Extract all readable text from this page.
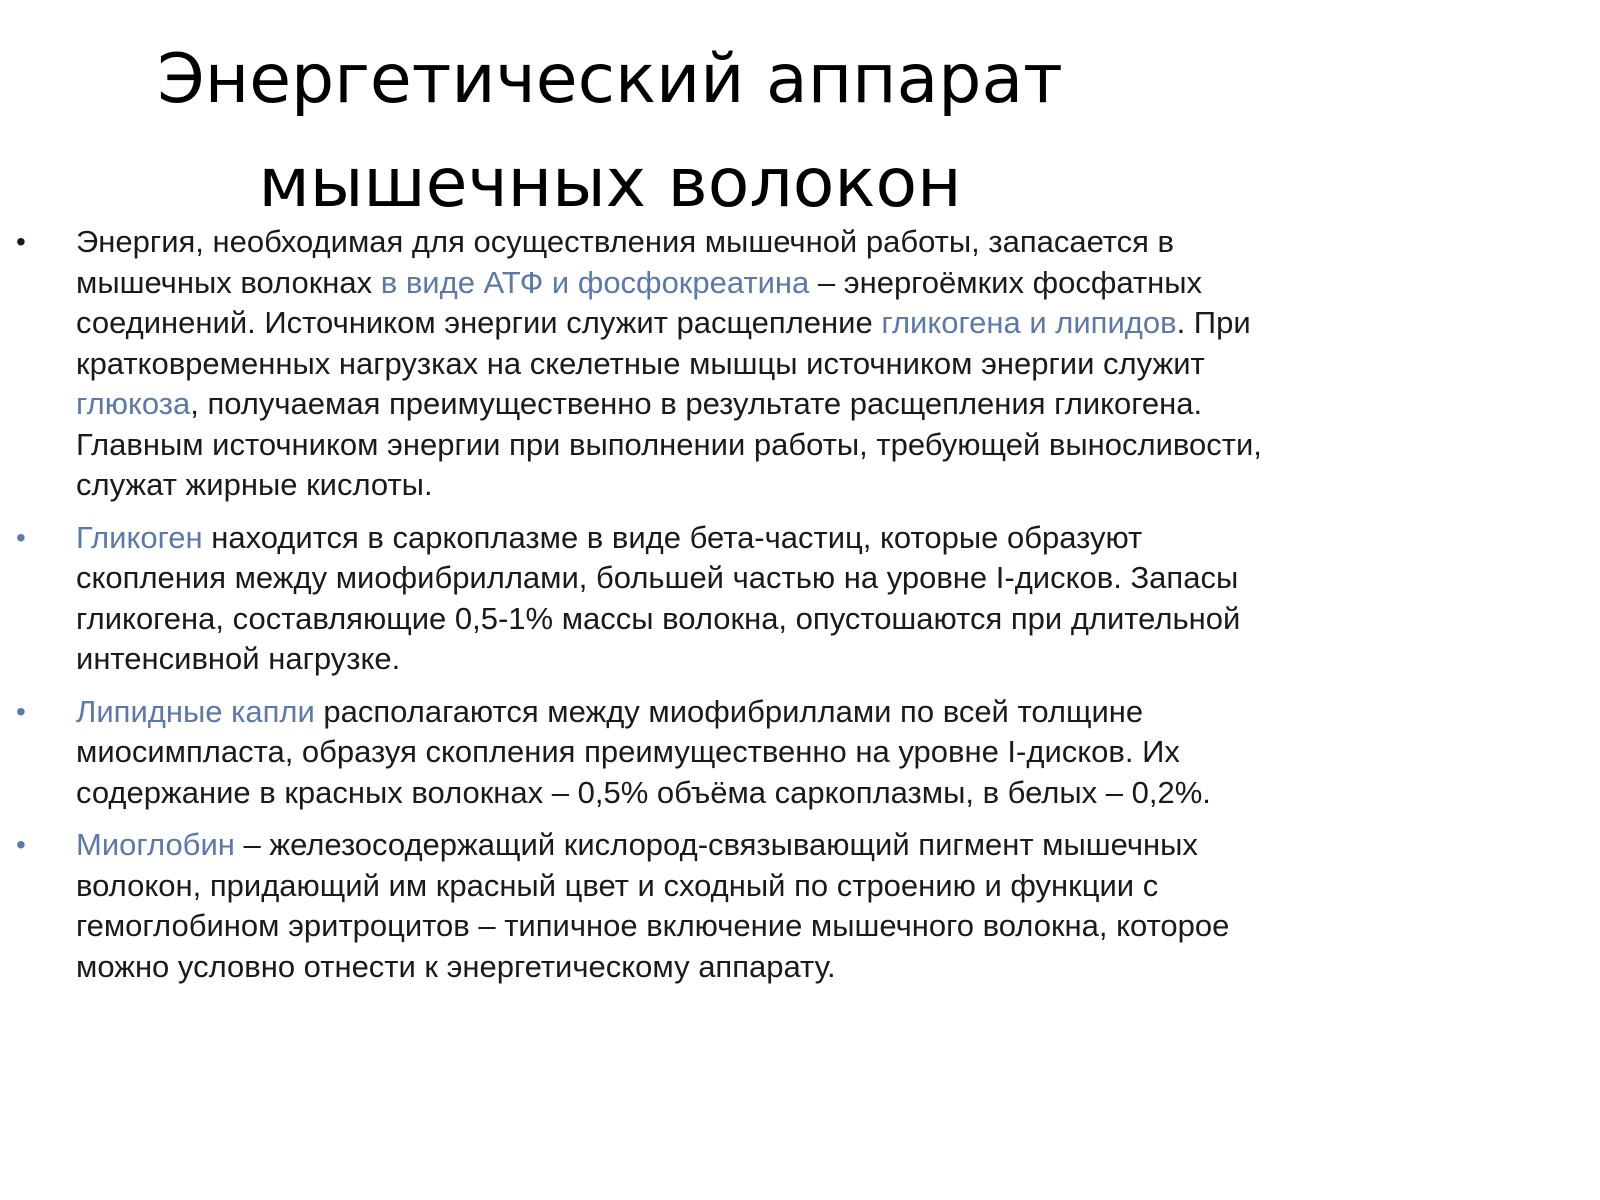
Энергетический аппарат
мышечных волокон
• Энергия, необходимая для осуществления мышечной работы, запасается в мышечных волокнах в виде АТФ и фосфокреатина – энергоёмких фосфатных соединений. Источником энергии служит расщепление гликогена и липидов. При кратковременных нагрузках на скелетные мышцы источником энергии служит глюкоза, получаемая преимущественно в результате расщепления гликогена. Главным источником энергии при выполнении работы, требующей выносливости, служат жирные кислоты.
• Гликоген находится в саркоплазме в виде бета-частиц, которые образуют скопления между миофибриллами, большей частью на уровне I-дисков. Запасы гликогена, составляющие 0,5-1% массы волокна, опустошаются при длительной интенсивной нагрузке.
• Липидные капли располагаются между миофибриллами по всей толщине миосимпласта, образуя скопления преимущественно на уровне I-дисков. Их содержание в красных волокнах – 0,5% объёма саркоплазмы, в белых – 0,2%.
• Миоглобин – железосодержащий кислород-связывающий пигмент мышечных волокон, придающий им красный цвет и сходный по строению и функции с гемоглобином эритроцитов – типичное включение мышечного волокна, которое можно условно отнести к энергетическому аппарату.
